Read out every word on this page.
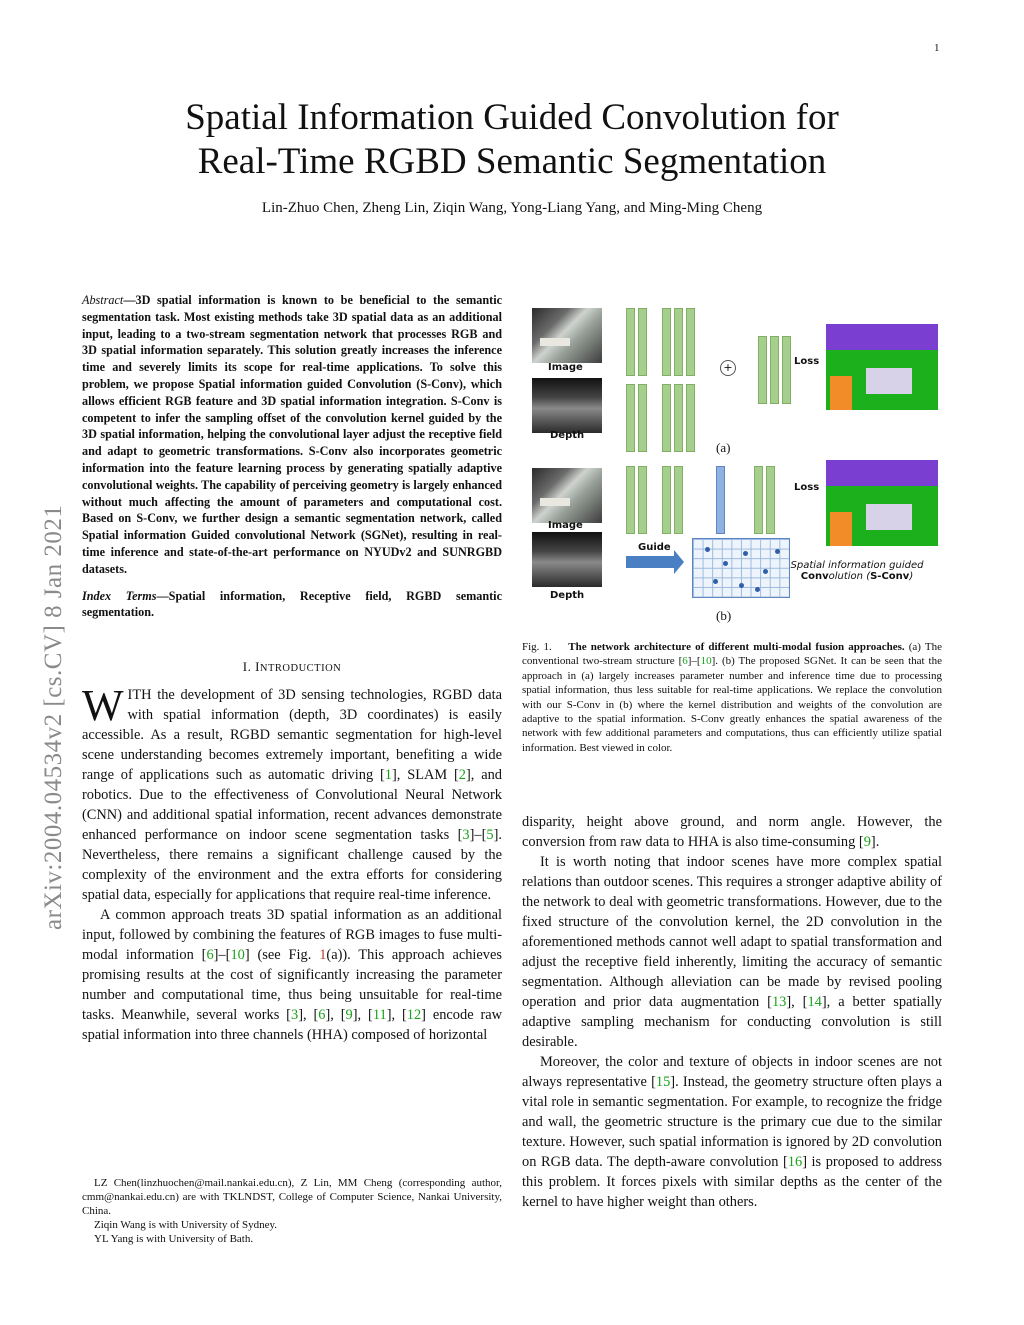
1
arXiv:2004.04534v2 [cs.CV] 8 Jan 2021
Spatial Information Guided Convolution for
Real-Time RGBD Semantic Segmentation
Lin-Zhuo Chen, Zheng Lin, Ziqin Wang, Yong-Liang Yang, and Ming-Ming Cheng

Abstract—3D spatial information is known to be beneficial to the semantic segmentation task. Most existing methods take 3D spatial data as an additional input, leading to a two-stream segmentation network that processes RGB and 3D spatial information separately. This solution greatly increases the inference time and severely limits its scope for real-time applications. To solve this problem, we propose Spatial information guided Convolution (S-Conv), which allows efficient RGB feature and 3D spatial information integration. S-Conv is competent to infer the sampling offset of the convolution kernel guided by the 3D spatial information, helping the convolutional layer adjust the receptive field and adapt to geometric transformations. S-Conv also incorporates geometric information into the feature learning process by generating spatially adaptive convolutional weights. The capability of perceiving geometry is largely enhanced without much affecting the amount of parameters and computational cost. Based on S-Conv, we further design a semantic segmentation network, called Spatial information Guided convolutional Network (SGNet), resulting in real-time inference and state-of-the-art performance on NYUDv2 and SUNRGBD datasets.

Index Terms—Spatial information, Receptive field, RGBD semantic segmentation.

I. INTRODUCTION

WITH the development of 3D sensing technologies, RGBD data with spatial information (depth, 3D coordinates) is easily accessible. As a result, RGBD semantic segmentation for high-level scene understanding becomes extremely important, benefiting a wide range of applications such as automatic driving [1], SLAM [2], and robotics. Due to the effectiveness of Convolutional Neural Network (CNN) and additional spatial information, recent advances demonstrate enhanced performance on indoor scene segmentation tasks [3]–[5]. Nevertheless, there remains a significant challenge caused by the complexity of the environment and the extra efforts for considering spatial data, especially for applications that require real-time inference.

A common approach treats 3D spatial information as an additional input, followed by combining the features of RGB images to fuse multi-modal information [6]–[10] (see Fig. 1(a)). This approach achieves promising results at the cost of significantly increasing the parameter number and computational time, thus being unsuitable for real-time tasks. Meanwhile, several works [3], [6], [9], [11], [12] encode raw spatial information into three channels (HHA) composed of horizontal

LZ Chen(linzhuochen@mail.nankai.edu.cn), Z Lin, MM Cheng (corresponding author, cmm@nankai.edu.cn) are with TKLNDST, College of Computer Science, Nankai University, China.

Ziqin Wang is with University of Sydney.

YL Yang is with University of Bath.

Image
Depth
+	Loss
(a)
Image
Depth
Loss
Guide
Spatial information guided
Convolution (S-Conv)
(b)
Fig. 1. The network architecture of different multi-modal fusion approaches. (a) The conventional two-stream structure [6]–[10]. (b) The proposed SGNet. It can be seen that the approach in (a) largely increases parameter number and inference time due to processing spatial information, thus less suitable for real-time applications. We replace the convolution with our S-Conv in (b) where the kernel distribution and weights of the convolution are adaptive to the spatial information. S-Conv greatly enhances the spatial awareness of the network with few additional parameters and computations, thus can efficiently utilize spatial information. Best viewed in color.

disparity, height above ground, and norm angle. However, the conversion from raw data to HHA is also time-consuming [9].

It is worth noting that indoor scenes have more complex spatial relations than outdoor scenes. This requires a stronger adaptive ability of the network to deal with geometric transformations. However, due to the fixed structure of the convolution kernel, the 2D convolution in the aforementioned methods cannot well adapt to spatial transformation and adjust the receptive field inherently, limiting the accuracy of semantic segmentation. Although alleviation can be made by revised pooling operation and prior data augmentation [13], [14], a better spatially adaptive sampling mechanism for conducting convolution is still desirable.

Moreover, the color and texture of objects in indoor scenes are not always representative [15]. Instead, the geometry structure often plays a vital role in semantic segmentation. For example, to recognize the fridge and wall, the geometric structure is the primary cue due to the similar texture. However, such spatial information is ignored by 2D convolution on RGB data. The depth-aware convolution [16] is proposed to address this problem. It forces pixels with similar depths as the center of the kernel to have higher weight than others.
